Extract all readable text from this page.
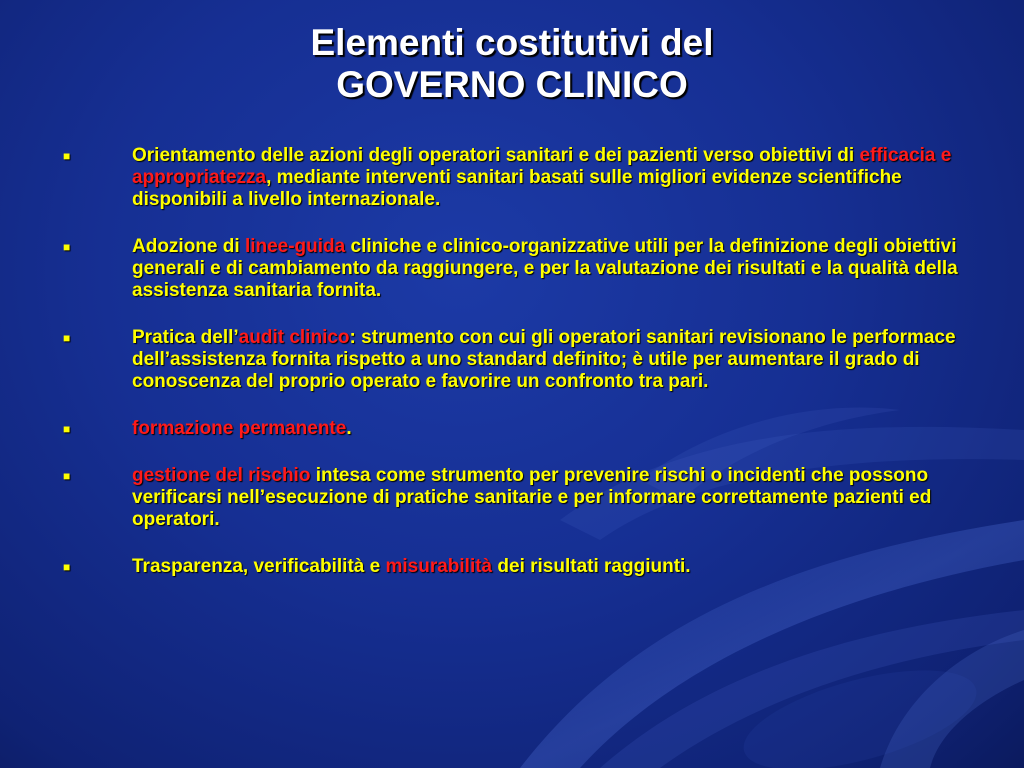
Elementi costitutivi del
GOVERNO CLINICO
■	Orientamento delle azioni degli operatori sanitari e dei pazienti verso obiettivi di efficacia e appropriatezza, mediante interventi sanitari basati sulle migliori evidenze scientifiche disponibili a livello internazionale.
■	Adozione di linee-guida cliniche e clinico-organizzative utili per la definizione degli obiettivi generali e di cambiamento da raggiungere, e per la valutazione dei risultati e la qualità della assistenza sanitaria fornita.
■	Pratica dell’audit clinico: strumento con cui gli operatori sanitari revisionano le performace dell’assistenza fornita rispetto a uno standard definito; è utile per aumentare il grado di conoscenza del proprio operato e favorire un confronto tra pari.
■	formazione permanente.
■	gestione del rischio intesa come strumento per prevenire rischi o incidenti che possono verificarsi nell’esecuzione di pratiche sanitarie e per informare correttamente pazienti ed operatori.
■	Trasparenza, verificabilità e misurabilità dei risultati raggiunti.
